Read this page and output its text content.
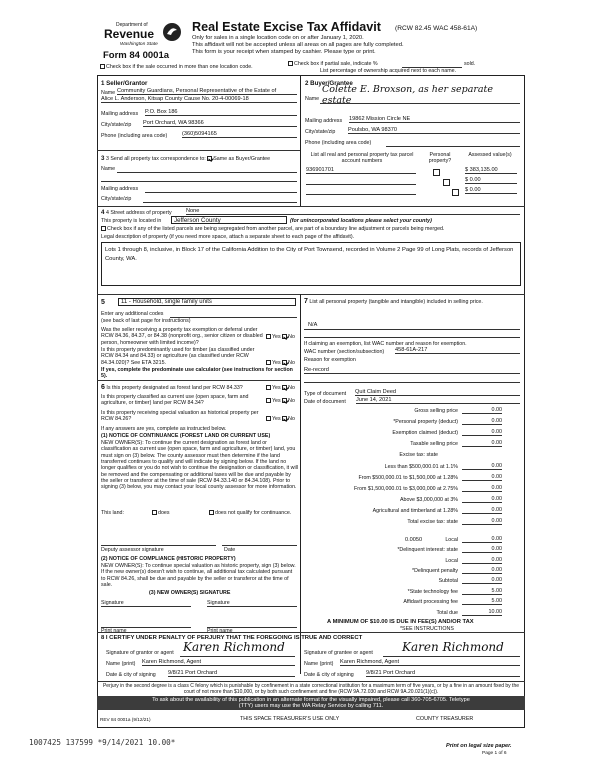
Department of
Revenue
Washington State
Form 84 0001a
Real Estate Excise Tax Affidavit (RCW 82.45 WAC 458-61A)
Only for sales in a single location code on or after January 1, 2020.
This affidavit will not be accepted unless all areas on all pages are fully completed.
This form is your receipt when stamped by cashier. Please type or print.
Check box if the sale occurred in more than one location code.	Check box if partial sale, indicate %	sold.
List percentage of ownership acquired next to each name.
1 Seller/Grantor
Name Community Guardians, Personal Representative of the Estate of
Alice L. Anderson, Kitsap County Cause No. 20-4-00069-18
Mailing address P.O. Box 186
City/state/zip Port Orchard, WA 98366
Phone (including area code)	(360)5094165
2 Buyer/Grantee
Name
Colette E. Broxson, as her separate estate
Mailing address 19862 Mission Circle NE
City/state/zip Poulsbo, WA 98370
Phone (including area code)
3 3 Send all property tax correspondence to: Same as Buyer/Grantee
Name
Mailing address
City/state/zip
List all real and personal property tax parcel account numbers
Personal property?
Assessed value(s)
936901701
	$ 383,135.00
$ 0.00
$ 0.00
4 4 Street address of property	None
This property is located in	Jefferson County	(for unincorporated locations please select your county)
Check box if any of the listed parcels are being segregated from another parcel, are part of a boundary line adjustment or parcels being merged.
Legal description of property (if you need more space, attach a separate sheet to each page of the affidavit).
Lots 1 through 8, inclusive, in Block 17 of the California Addition to the City of Port Townsend, recorded in Volume 2 Page 99 of Long Plats, records of Jefferson County, WA.
5	11 - Household, single family units
Enter any additional codes
(see back of last page for instructions)
Was the seller receiving a property tax exemption or deferral under RCW 84.36, 84.37, or 84.38 (nonprofit org., senior citizen or disabled person, homeowner with limited income)?
Yes No
Is this property predominantly used for timber (as classified under RCW 84.34 and 84.33) or agriculture (as classified under RCW 84.34.020)? See ETA 3215.	Yes No
If yes, complete the predominate use calculator (see instructions for section 5).
7 List all personal property (tangible and intangible) included in selling price.
N/A
If claiming an exemption, list WAC number and reason for exemption.
WAC number (section/subsection) 458-61A-217
Reason for exemption
Re-record
6 Is this property designated as forest land per RCW 84.33?	Yes No
Is this property classified as current use (open space, farm and agriculture, or timber) land per RCW 84.34?	Yes No
Is this property receiving special valuation as historical property per RCW 84.26?	Yes No
If any answers are yes, complete as instructed below.
(1) NOTICE OF CONTINUANCE (FOREST LAND OR CURRENT USE)
NEW OWNER(S): To continue the current designation as forest land or classification as current use (open space, farm and agriculture, or timber) land, you must sign on (3) below. The county assessor must then determine if the land transferred continues to qualify and will indicate by signing below. If the land no longer qualifies or you do not wish to continue the designation or classification, it will be removed and the compensating or additional taxes will be due and payable by the seller or transferor at the time of sale (RCW 84.33.140 or 84.34.108). Prior to signing (3) below, you may contact your local county assessor for more information.
This land:	does	does not qualify for continuance.
Deputy assessor signature	Date
(2) NOTICE OF COMPLIANCE (HISTORIC PROPERTY)
NEW OWNER(S): To continue special valuation as historic property, sign (3) below. If the new owner(s) doesn't wish to continue, all additional tax calculated pursuant to RCW 84.26, shall be due and payable by the seller or transferor at the time of sale.
(3) NEW OWNER(S) SIGNATURE
Signature	Signature
Print name	Print name
Type of document Quit Claim Deed
Date of document June 14, 2021
Gross selling price	0.00
*Personal property (deduct)	0.00
Exemption claimed (deduct)	0.00
Taxable selling price	0.00
Excise tax: state
Less than $500,000.01 at 1.1%	0.00
From $500,000.01 to $1,500,000 at 1.28%	0.00
From $1,500,000.01 to $3,000,000 at 2.75%	0.00
Above $3,000,000 at 3%	0.00
Agricultural and timberland at 1.28%	0.00
Total excise tax: state	0.00
0.0050	Local	0.00
*Delinquent interest: state	0.00
Local	0.00
*Delinquent penalty	0.00
Subtotal	0.00
*State technology fee	5.00
Affidavit processing fee	5.00
Total due	10.00
A MINIMUM OF $10.00 IS DUE IN FEE(S) AND/OR TAX
*SEE INSTRUCTIONS
8 I CERTIFY UNDER PENALTY OF PERJURY THAT THE FOREGOING IS TRUE AND CORRECT
Signature of grantor or agent Karen Richmond
Name (print) Karen Richmond, Agent
Date & city of signing 9/8/21 Port Orchard
Signature of grantee or agent Karen Richmond
Name (print) Karen Richmond, Agent
Date & city of signing 9/8/21 Port Orchard
Perjury in the second degree is a class C felony which is punishable by confinement in a state correctional institution for a maximum term of five years, or by a fine in an amount fixed by the court of not more than $10,000, or by both such confinement and fine (RCW 9A.72.030 and RCW 9A.20.021(1)(c)).
To ask about the availability of this publication in an alternate format for the visually impaired, please call 360-705-6705. Teletype
(TTY) users may use the WA Relay Service by calling 711.
REV 84 0001a (9/12/21)	THIS SPACE TREASURER'S USE ONLY	COUNTY TREASURER
1007425 137599 *9/14/2021 10.00*	Print on legal size paper.
Page 1 of 6
